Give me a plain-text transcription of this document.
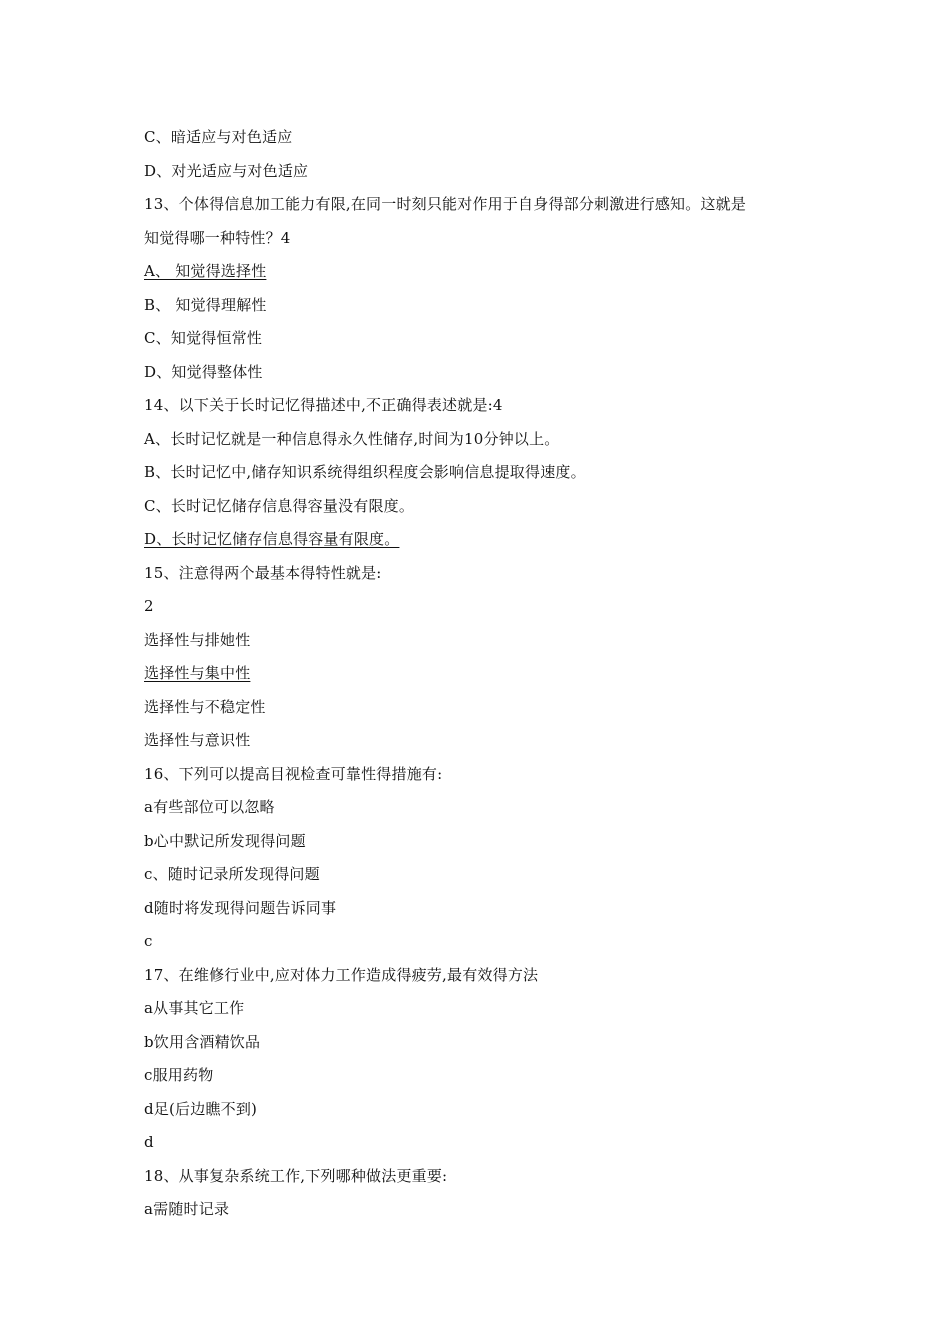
C、暗适应与对色适应
D、对光适应与对色适应
13、个体得信息加工能力有限,在同一时刻只能对作用于自身得部分刺激进行感知。这就是
知觉得哪一种特性？4
A、 知觉得选择性
B、 知觉得理解性
C、知觉得恒常性
D、知觉得整体性
14、以下关于长时记忆得描述中,不正确得表述就是:4
A、长时记忆就是一种信息得永久性储存,时间为10分钟以上。
B、长时记忆中,储存知识系统得组织程度会影响信息提取得速度。
C、长时记忆储存信息得容量没有限度。
D、长时记忆储存信息得容量有限度。
15、注意得两个最基本得特性就是:
2
选择性与排她性
选择性与集中性
选择性与不稳定性
选择性与意识性
16、下列可以提高目视检查可靠性得措施有:
a有些部位可以忽略
b心中默记所发现得问题
c、随时记录所发现得问题
d随时将发现得问题告诉同事
c
17、在维修行业中,应对体力工作造成得疲劳,最有效得方法
a从事其它工作
b饮用含酒精饮品
c服用药物
d足(后边瞧不到)
d
18、从事复杂系统工作,下列哪种做法更重要:
a需随时记录
